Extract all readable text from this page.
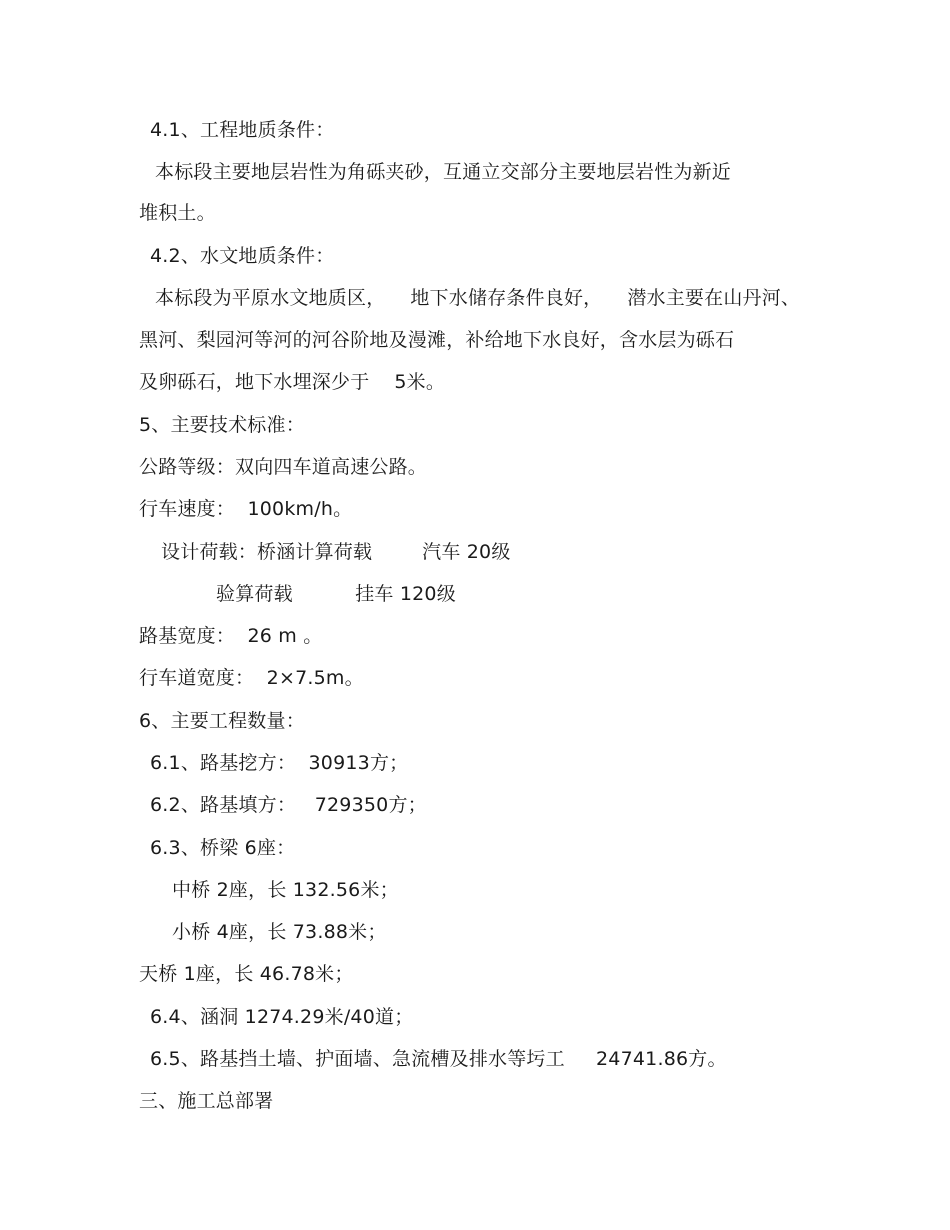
4.1、工程地质条件：
本标段主要地层岩性为角砾夹砂，互通立交部分主要地层岩性为新近
堆积土。
4.2、水文地质条件：
本标段为平原水文地质区，    地下水储存条件良好，    潜水主要在山丹河、
黑河、梨园河等河的河谷阶地及漫滩，补给地下水良好，含水层为砾石
及卵砾石，地下水埋深少于    5米。
5、主要技术标准：
公路等级：双向四车道高速公路。
行车速度：  100km/h。
设计荷载：桥涵计算荷载        汽车 20级
验算荷载          挂车 120级
路基宽度：  26 m 。
行车道宽度：  2×7.5m。
6、主要工程数量：
6.1、路基挖方：  30913方；
6.2、路基填方：   729350方；
6.3、桥梁 6座：
中桥 2座，长 132.56米；
小桥 4座，长 73.88米；
天桥 1座，长 46.78米；
6.4、涵洞 1274.29米/40道；
6.5、路基挡土墙、护面墙、急流槽及排水等圬工     24741.86方。
三、施工总部署
